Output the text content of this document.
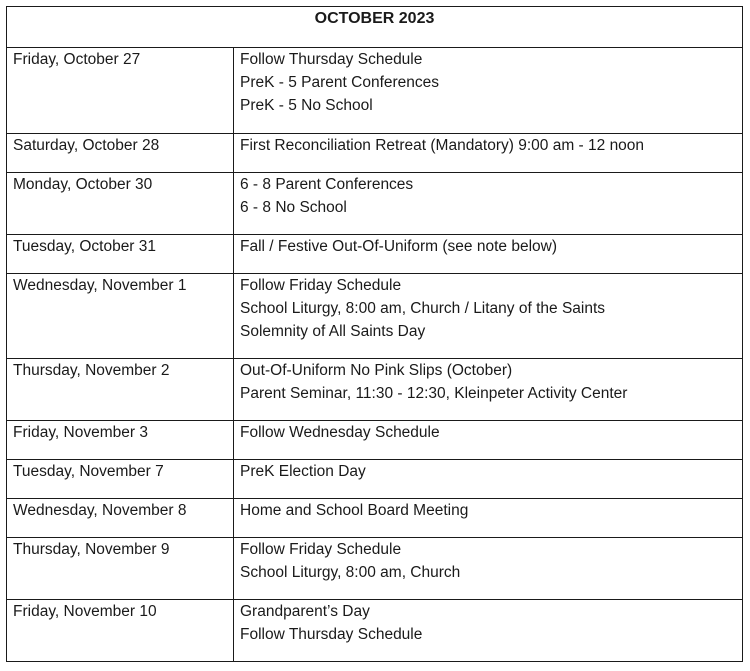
OCTOBER 2023	
Friday, October 27	Follow Thursday Schedule
PreK - 5 Parent Conferences
PreK - 5 No School

Saturday, October 28	First Reconciliation Retreat (Mandatory) 9:00 am - 12 noon

Monday, October 30	6 - 8 Parent Conferences
6 - 8 No School

Tuesday, October 31	Fall / Festive Out-Of-Uniform (see note below)

Wednesday, November 1	Follow Friday Schedule
School Liturgy, 8:00 am, Church / Litany of the Saints
Solemnity of All Saints Day

Thursday, November 2	Out-Of-Uniform No Pink Slips (October)
Parent Seminar, 11:30 - 12:30, Kleinpeter Activity Center

Friday, November 3	Follow Wednesday Schedule

Tuesday, November 7	PreK Election Day

Wednesday, November 8	Home and School Board Meeting

Thursday, November 9	Follow Friday Schedule
School Liturgy, 8:00 am, Church

Friday, November 10	Grandparent’s Day
Follow Thursday Schedule
